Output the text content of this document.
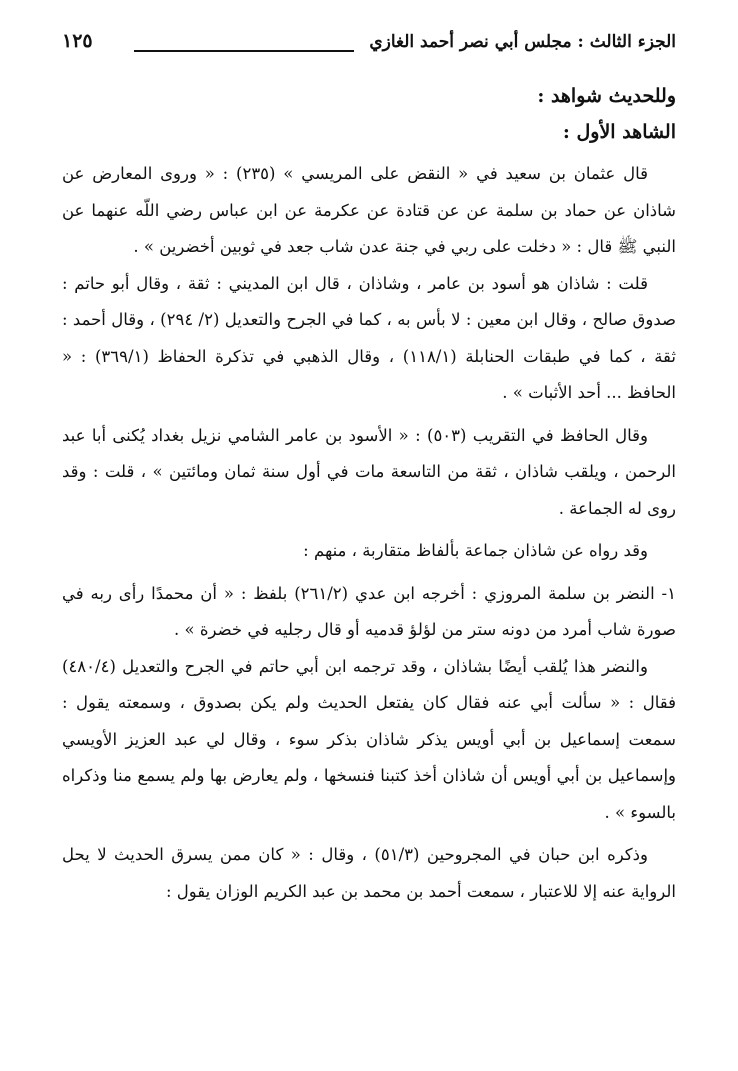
الجزء الثالث : مجلس أبي نصر أحمد الغازي
١٢٥

وللحديث شواهد :

الشاهد الأول :

قال عثمان بن سعيد في « النقض على المريسي » (٢٣٥) : « وروى المعارض عن شاذان عن حماد بن سلمة عن عن قتادة عن عكرمة عن ابن عباس رضي اللّه عنهما عن النبي ﷺ قال : « دخلت على ربي في جنة عدن شاب جعد في ثوبين أخضرين » .

قلت : شاذان هو أسود بن عامر ، وشاذان ، قال ابن المديني : ثقة ، وقال أبو حاتم : صدوق صالح ، وقال ابن معين : لا بأس به ، كما في الجرح والتعديل (٢/ ٢٩٤) ، وقال أحمد : ثقة ، كما في طبقات الحنابلة (١١٨/١) ، وقال الذهبي في تذكرة الحفاظ (٣٦٩/١) : « الحافظ ... أحد الأثبات » .

وقال الحافظ في التقريب (٥٠٣) : « الأسود بن عامر الشامي نزيل بغداد يُكنى أبا عبد الرحمن ، ويلقب شاذان ، ثقة من التاسعة مات في أول سنة ثمان ومائتين » ، قلت : وقد روى له الجماعة .

وقد رواه عن شاذان جماعة بألفاظ متقاربة ، منهم :

١- النضر بن سلمة المروزي : أخرجه ابن عدي (٢٦١/٢) بلفظ : « أن محمدًا رأى ربه في صورة شاب أمرد من دونه ستر من لؤلؤ قدميه أو قال رجليه في خضرة » .

والنضر هذا يُلقب أيضًا بشاذان ، وقد ترجمه ابن أبي حاتم في الجرح والتعديل (٤٨٠/٤) فقال : « سألت أبي عنه فقال كان يفتعل الحديث ولم يكن بصدوق ، وسمعته يقول : سمعت إسماعيل بن أبي أويس يذكر شاذان بذكر سوء ، وقال لي عبد العزيز الأويسي وإسماعيل بن أبي أويس أن شاذان أخذ كتبنا فنسخها ، ولم يعارض بها ولم يسمع منا وذكراه بالسوء » .

وذكره ابن حبان في المجروحين (٥١/٣) ، وقال : « كان ممن يسرق الحديث لا يحل الرواية عنه إلا للاعتبار ، سمعت أحمد بن محمد بن عبد الكريم الوزان يقول :
